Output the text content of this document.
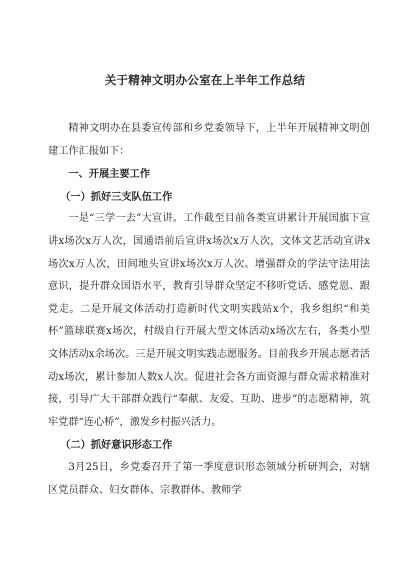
关于精神文明办公室在上半年工作总结

精神文明办在县委宣传部和乡党委领导下，上半年开展精神文明创建工作汇报如下：

一、开展主要工作

（一）抓好三支队伍工作

一是“三学一去”大宣讲。工作截至目前各类宣讲累计开展国旗下宣讲x场次x万人次，国通语前后宣讲x场次x万人次，文体文艺活动宣讲x场次x万人次，田间地头宣讲x场次x万人次。增强群众的学法守法用法意识，提升群众国语水平，教育引导群众坚定不移听党话、感党恩、跟党走。二是开展文体活动打造新时代文明实践站x个，我乡组织“和美杯”篮球联赛x场次，村级自行开展大型文体活动x场次左右，各类小型文体活动x余场次。三是开展文明实践志愿服务。目前我乡开展志愿者活动x场次，累计参加人数x人次。促进社会各方面资源与群众需求精准对接，引导广大干部群众践行“奉献、友爱、互助、进步”的志愿精神，筑牢党群“连心桥”，激发乡村振兴活力。

（二）抓好意识形态工作

3月25日，乡党委召开了第一季度意识形态领域分析研判会，对辖区党员群众、妇女群体、宗教群体、教师学
